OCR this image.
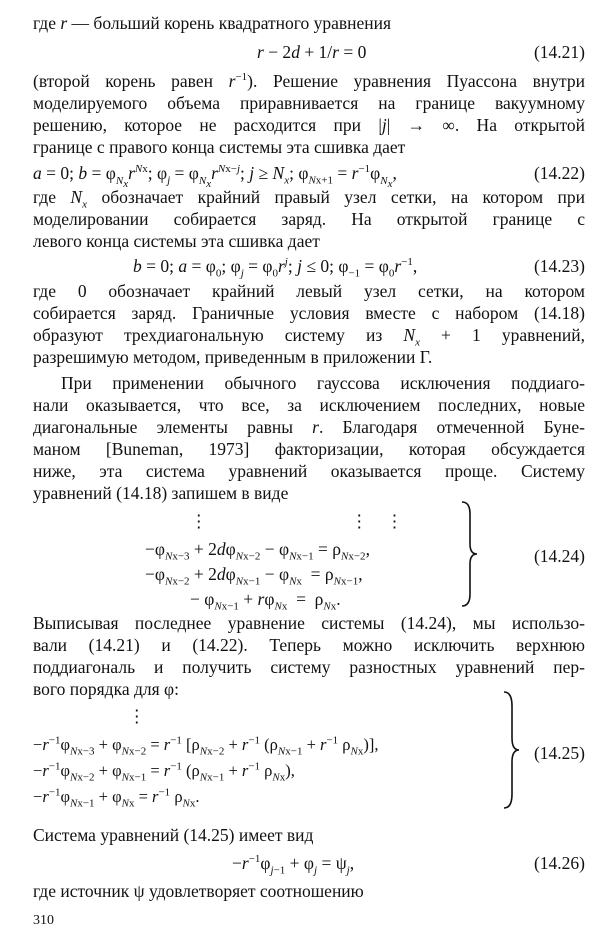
где r — больший корень квадратного уравнения
r − 2d + 1/r = 0	(14.21)
(второй корень равен $r^{-1}$). Решение уравнения Пуассона внутри
моделируемого объема приравнивается на границе вакуумному
решению, которое не расходится при |j| → ∞. На открытой
границе с правого конца системы эта сшивка дает
a = 0; $b = \varphi_{N_x}r^{Nx}$; $\varphi_j = \varphi_{N_x}r^{Nx-j}$; $j \ge N_x$; $\varphi_{Nx+1} = r^{-1}\varphi_{N_x}$,	(14.22)
где $N_x$ обозначает крайний правый узел сетки, на котором при
моделировании собирается заряд. На открытой границе с
левого конца системы эта сшивка дает
b = 0; $a = \varphi_0$; $\varphi_j = \varphi_0r^j$; j ≤ 0; $\varphi_{-1} = \varphi_0r^{-1}$,	(14.23)
где 0 обозначает крайний левый узел сетки, на котором
собирается заряд. Граничные условия вместе с набором (14.18)
образуют трехдиагональную систему из $N_x + 1$ уравнений,
разрешимую методом, приведенным в приложении Г.
При применении обычного гауссова исключения поддиаго-
нали оказывается, что все, за исключением последних, новые
диагональные элементы равны r. Благодаря отмеченной Буне-
маном [Buneman, 1973] факторизации, которая обсуждается
ниже, эта система уравнений оказывается проще. Систему
уравнений (14.18) запишем в виде
⋮	⋮  ⋮
$-\varphi_{Nx-3} + 2d\varphi_{Nx-2} - \varphi_{Nx-1} = \rho_{Nx-2}$,
$-\varphi_{Nx-2} + 2d\varphi_{Nx-1} - \varphi_{Nx} = \rho_{Nx-1}$,
− $\varphi_{Nx-1} + r\varphi_{Nx} = \rho_{Nx}$.
(14.24)
Выписывая последнее уравнение системы (14.24), мы использо-
вали (14.21) и (14.22). Теперь можно исключить верхнюю
поддиагональ и получить систему разностных уравнений пер-
вого порядка для φ:
⋮
$-r^{-1}\varphi_{Nx-3} + \varphi_{Nx-2} = r^{-1}$ [$\rho_{Nx-2} + r^{-1}$ ($\rho_{Nx-1} + r^{-1}$ $\rho_{Nx}$)],
$-r^{-1}\varphi_{Nx-2} + \varphi_{Nx-1} = r^{-1}$ ($\rho_{Nx-1} + r^{-1}$ $\rho_{Nx}$),
$-r^{-1}\varphi_{Nx-1} + \varphi_{Nx} = r^{-1}$ $\rho_{Nx}$.
(14.25)
Система уравнений (14.25) имеет вид
$-r^{-1}\varphi_{j-1} + \varphi_j = \psi_j$,	(14.26)
где источник ψ удовлетворяет соотношению
310
